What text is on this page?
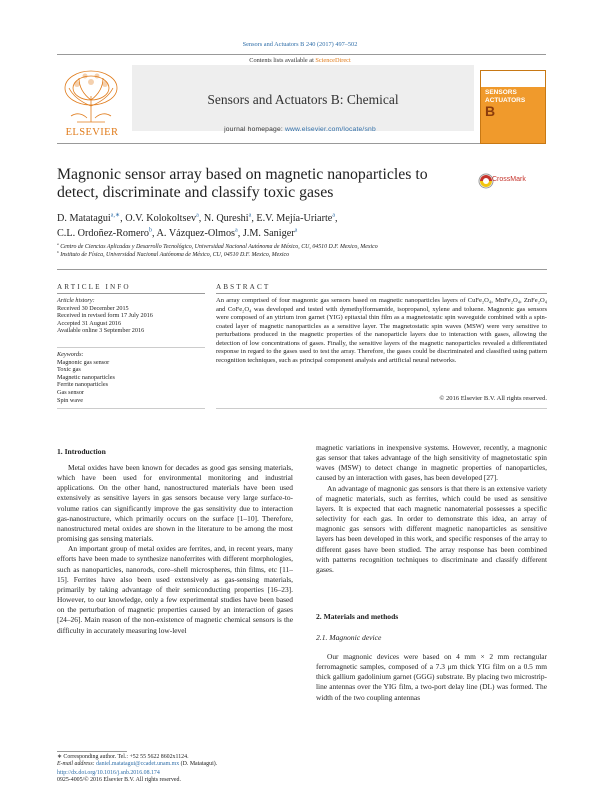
Sensors and Actuators B 240 (2017) 497–502
Contents lists available at ScienceDirect
Sensors and Actuators B: Chemical
journal homepage: www.elsevier.com/locate/snb
ELSEVIER
SENSORS
ACTUATORS
B
Magnonic sensor array based on magnetic nanoparticles to detect, discriminate and classify toxic gases
CrossMark
D. Matatagui$^{a,∗}$, O.V. Kolokoltsev$^a$, N. Qureshi$^a$, E.V. Mejía-Uriarte$^a$,
C.L. Ordoñez-Romero$^b$, A. Vázquez-Olmos$^a$, J.M. Saniger$^a$
$^a$ Centro de Ciencias Aplicadas y Desarrollo Tecnológico, Universidad Nacional Autónoma de México, CU, 04510 D.F. Mexico, Mexico
$^b$ Instituto de Física, Universidad Nacional Autónoma de México, CU, 04510 D.F. Mexico, Mexico
ARTICLE INFO	ABSTRACT
Article history:
Received 30 December 2015
Received in revised form 17 July 2016
Accepted 31 August 2016
Available online 3 September 2016
Keywords:
Magnonic gas sensor
Toxic gas
Magnetic nanoparticles
Ferrite nanoparticles
Gas sensor
Spin wave
An array comprised of four magnonic gas sensors based on magnetic nanoparticles layers of CuFe₂O₄, MnFe₂O₄, ZnFe₂O₄ and CoFe₂O₄ was developed and tested with dymethylformamide, isopropanol, xylene and toluene. Magnonic gas sensors were composed of an yttrium iron garnet (YIG) epitaxial thin film as a magnetostatic spin waveguide combined with a spin-coated layer of magnetic nanoparticles as a sensitive layer. The magnetostatic spin waves (MSW) were very sensitive to perturbations produced in the magnetic properties of the nanoparticle layers due to interaction with gases, allowing the detection of low concentrations of gases. Finally, the sensitive layers of the magnetic nanoparticles revealed a differentiated response in regard to the gases used to test the array. Therefore, the gases could be discriminated and classified using pattern recognition techniques, such as principal component analysis and artificial neural networks.
© 2016 Elsevier B.V. All rights reserved.
1. Introduction

Metal oxides have been known for decades as good gas sensing materials, which have been used for environmental monitoring and industrial applications. On the other hand, nanostructured materials have been used extensively as sensitive layers in gas sensors because very large surface-to-volume ratios can significantly improve the gas sensitivity due to interaction gas-nanostructure, which primarily occurs on the surface [1–10]. Therefore, nanostructured metal oxides are shown in the literature to be among the most promising gas sensing materials.

An important group of metal oxides are ferrites, and, in recent years, many efforts have been made to synthesize nanoferrites with different morphologies, such as nanoparticles, nanorods, core–shell microspheres, thin films, etc [11–15]. Ferrites have also been used extensively as gas-sensing materials, primarily by taking advantage of their semiconducting properties [16–23]. However, to our knowledge, only a few experimental studies have been based on the perturbation of magnetic properties caused by an interaction of gases [24–26]. Main reason of the non-existence of magnetic chemical sensors is the difficulty in accurately measuring low-level

magnetic variations in inexpensive systems. However, recently, a magnonic gas sensor that takes advantage of the high sensitivity of magnetostatic spin waves (MSW) to detect change in magnetic properties of nanoparticles, caused by an interaction with gases, has been developed [27].

An advantage of magnonic gas sensors is that there is an extensive variety of magnetic materials, such as ferrites, which could be used as sensitive layers. It is expected that each magnetic nanomaterial possesses a specific selectivity for each gas. In order to demonstrate this idea, an array of magnonic gas sensors with different magnetic nanoparticles as sensitive layers has been developed in this work, and specific responses of the array to different gases have been studied. The array response has been combined with patterns recognition techniques to discriminate and classify different gases.

2. Materials and methods
2.1. Magnonic device

Our magnonic devices were based on 4 mm × 2 mm rectangular ferromagnetic samples, composed of a 7.3 μm thick YIG film on a 0.5 mm thick gallium gadolinium garnet (GGG) substrate. By placing two microstrip-line antennas over the YIG film, a two-port delay line (DL) was formed. The width of the two coupling antennas

∗ Corresponding author. Tel.: +52 55 5622 8602x1124.
E-mail address: daniel.matatagui@ccadet.unam.mx (D. Matatagui).
http://dx.doi.org/10.1016/j.snb.2016.08.174
0925-4005/© 2016 Elsevier B.V. All rights reserved.
